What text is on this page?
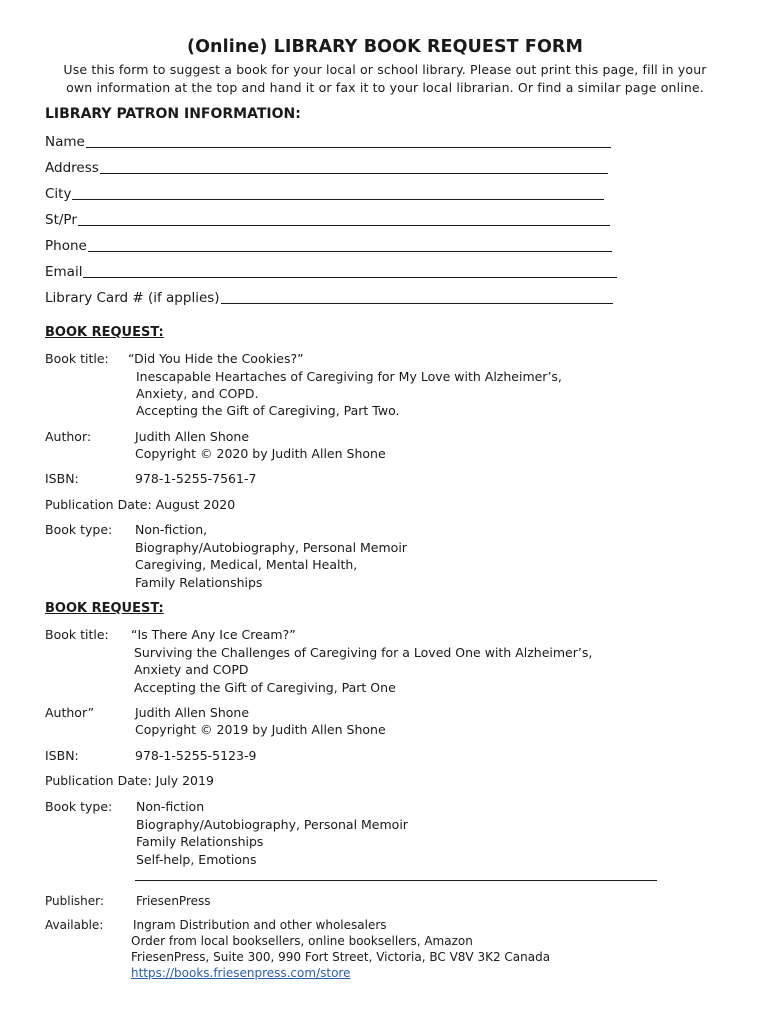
(Online) LIBRARY BOOK REQUEST FORM
Use this form to suggest a book for your local or school library. Please out print this page, fill in your
own information at the top and hand it or fax it to your local librarian. Or find a similar page online.
LIBRARY PATRON INFORMATION:
Name
Address
City
St/Pr
Phone
Email
Library Card # (if applies)
BOOK REQUEST:
Book title: “Did You Hide the Cookies?”
Inescapable Heartaches of Caregiving for My Love with Alzheimer’s,
Anxiety, and COPD.
Accepting the Gift of Caregiving, Part Two.
Author:	Judith Allen Shone
Copyright © 2020 by Judith Allen Shone
ISBN:	978-1-5255-7561-7
Publication Date: August 2020
Book type: Non-fiction,
Biography/Autobiography, Personal Memoir
Caregiving, Medical, Mental Health,
Family Relationships
BOOK REQUEST:
Book title: “Is There Any Ice Cream?”
Surviving the Challenges of Caregiving for a Loved One with Alzheimer’s,
Anxiety and COPD
Accepting the Gift of Caregiving, Part One
Author”	Judith Allen Shone
Copyright © 2019 by Judith Allen Shone
ISBN:	978-1-5255-5123-9
Publication Date: July 2019
Book type: Non-fiction
Biography/Autobiography, Personal Memoir
Family Relationships
Self-help, Emotions
Publisher:	FriesenPress
Available: Ingram Distribution and other wholesalers
Order from local booksellers, online booksellers, Amazon
FriesenPress, Suite 300, 990 Fort Street, Victoria, BC V8V 3K2 Canada
https://books.friesenpress.com/store
